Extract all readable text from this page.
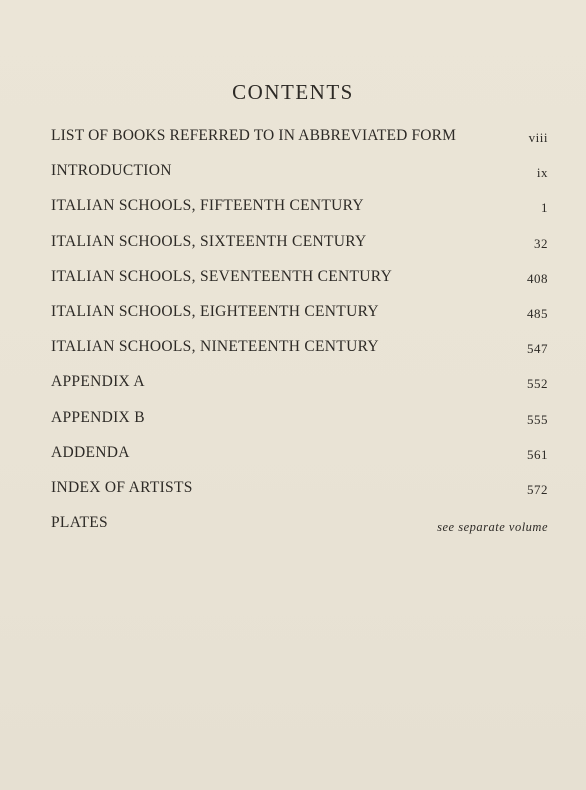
CONTENTS
LIST OF BOOKS REFERRED TO IN ABBREVIATED FORM	viii
INTRODUCTION	ix
ITALIAN SCHOOLS, FIFTEENTH CENTURY	1
ITALIAN SCHOOLS, SIXTEENTH CENTURY	32
ITALIAN SCHOOLS, SEVENTEENTH CENTURY	408
ITALIAN SCHOOLS, EIGHTEENTH CENTURY	485
ITALIAN SCHOOLS, NINETEENTH CENTURY	547
APPENDIX A	552
APPENDIX B	555
ADDENDA	561
INDEX OF ARTISTS	572
PLATES	see separate volume
